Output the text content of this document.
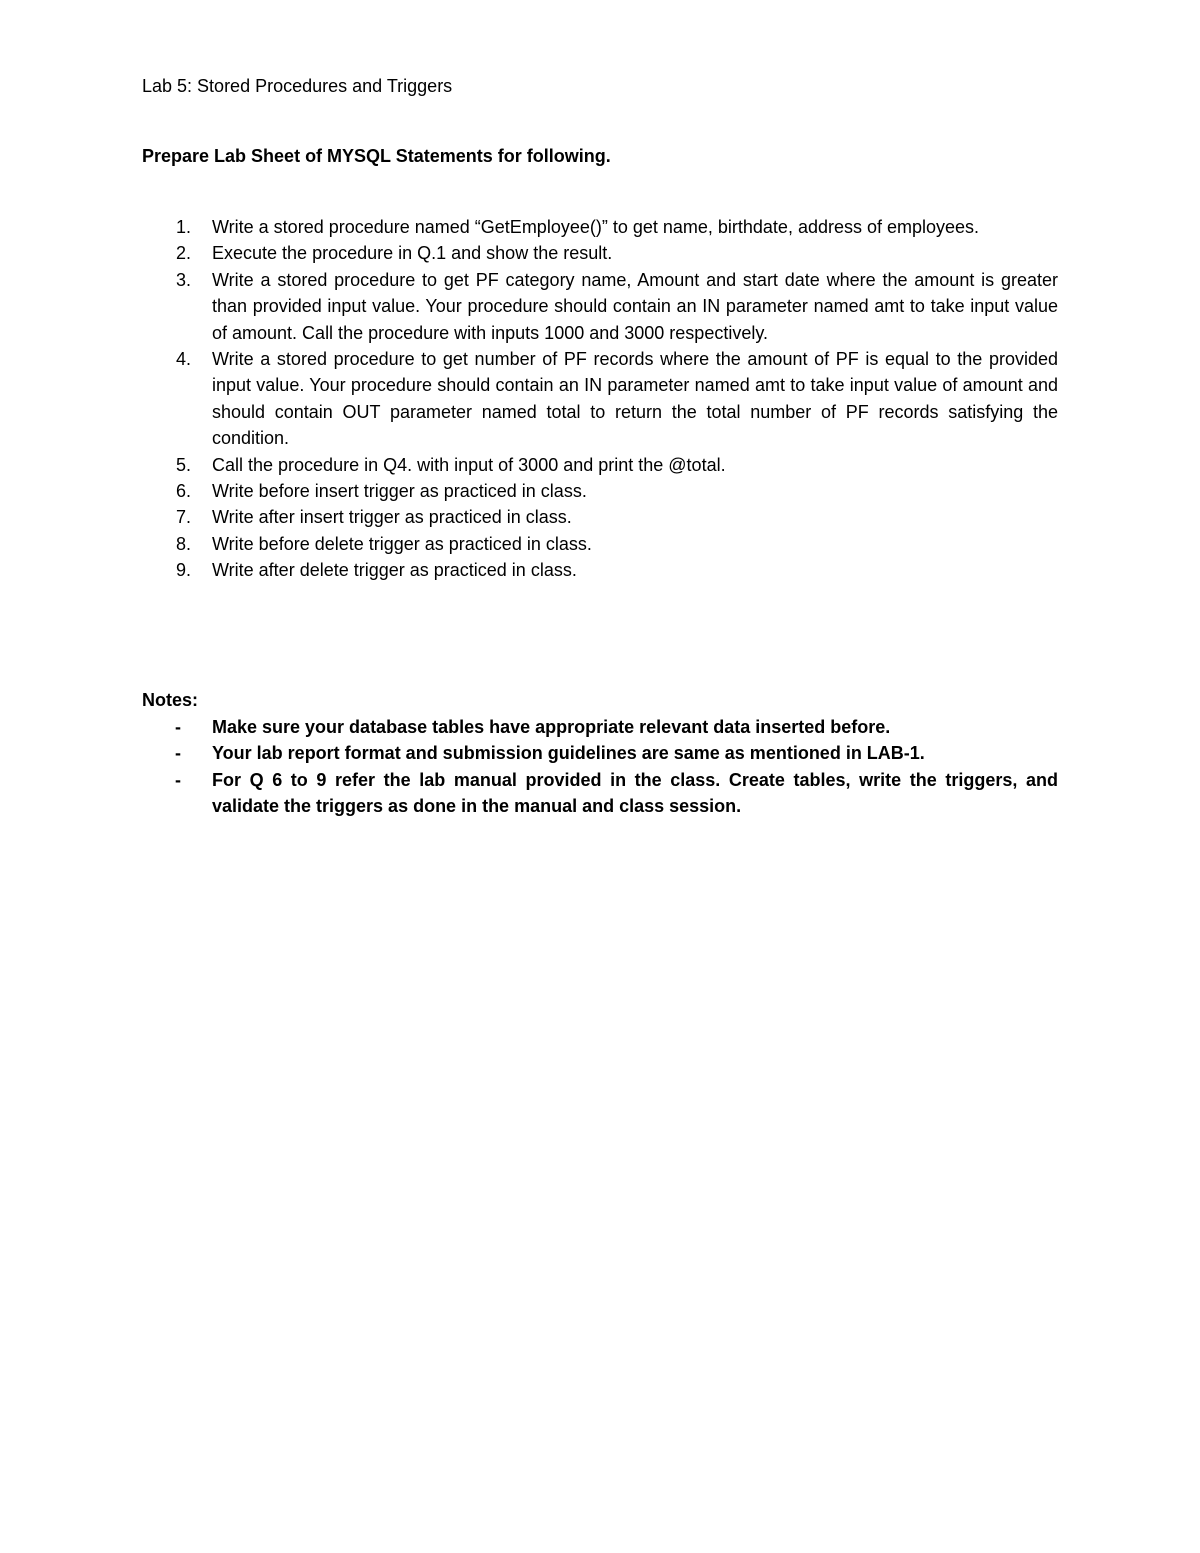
Lab 5: Stored Procedures and Triggers
Prepare Lab Sheet of MYSQL Statements for following.
1.	Write a stored procedure named “GetEmployee()” to get name, birthdate, address of employees.
2.	Execute the procedure in Q.1 and show the result.
3.	Write a stored procedure to get PF category name, Amount and start date where the amount is greater than provided input value. Your procedure should contain an IN parameter named amt to take input value of amount. Call the procedure with inputs 1000 and 3000 respectively.
4.	Write a stored procedure to get number of PF records where the amount of PF is equal to the provided input value. Your procedure should contain an IN parameter named amt to take input value of amount and should contain OUT parameter named total to return the total number of PF records satisfying the condition.
5.	Call the procedure in Q4. with input of 3000 and print the @total.
6.	Write before insert trigger as practiced in class.
7.	Write after insert trigger as practiced in class.
8.	Write before delete trigger as practiced in class.
9.	Write after delete trigger as practiced in class.
Notes:
-	Make sure your database tables have appropriate relevant data inserted before.
-	Your lab report format and submission guidelines are same as mentioned in LAB-1.
-	For Q 6 to 9 refer the lab manual provided in the class. Create tables, write the triggers, and validate the triggers as done in the manual and class session.
